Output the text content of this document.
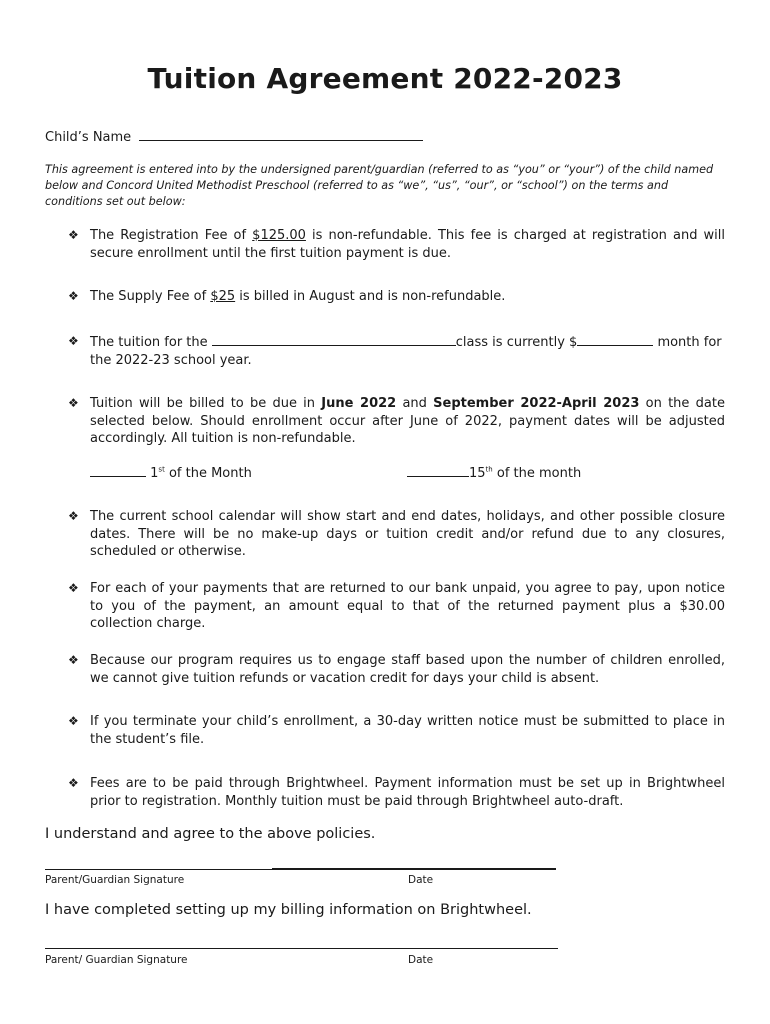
Tuition Agreement 2022-2023
Child’s Name

This agreement is entered into by the undersigned parent/guardian (referred to as “you” or “your”) of the child named below and Concord United Methodist Preschool (referred to as “we”, “us”, “our”, or “school”) on the terms and conditions set out below:

❖ The Registration Fee of $125.00 is non-refundable. This fee is charged at registration and will secure enrollment until the first tuition payment is due.
❖ The Supply Fee of $25 is billed in August and is non-refundable.
❖ The tuition for the	class is currently $	month for the 2022-23 school year.
❖ Tuition will be billed to be due in June 2022 and September 2022-April 2023 on the date selected below. Should enrollment occur after June of 2022, payment dates will be adjusted accordingly. All tuition is non-refundable.
1st of the Month	15th of the month
❖ The current school calendar will show start and end dates, holidays, and other possible closure dates. There will be no make-up days or tuition credit and/or refund due to any closures, scheduled or otherwise.
❖ For each of your payments that are returned to our bank unpaid, you agree to pay, upon notice to you of the payment, an amount equal to that of the returned payment plus a $30.00 collection charge.
❖ Because our program requires us to engage staff based upon the number of children enrolled, we cannot give tuition refunds or vacation credit for days your child is absent.
❖ If you terminate your child’s enrollment, a 30-day written notice must be submitted to place in the student’s file.
❖ Fees are to be paid through Brightwheel. Payment information must be set up in Brightwheel prior to registration. Monthly tuition must be paid through Brightwheel auto-draft.

I understand and agree to the above policies.

Parent/Guardian Signature	Date

I have completed setting up my billing information on Brightwheel.

Parent/ Guardian Signature	Date
